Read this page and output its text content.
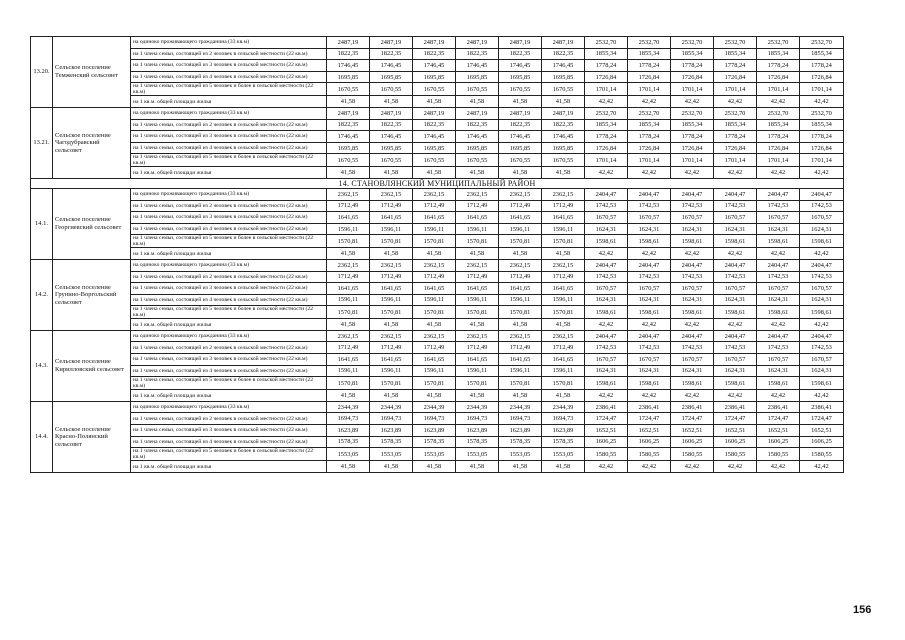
13.20.	Сельское поселение Темженский сельсовет	на одиноко проживающего гражданина (33 кв.м)	2487,19	2487,19	2487,19	2487,19	2487,19	2487,19	2532,70	2532,70	2532,70	2532,70	2532,70	2532,70
		на 1 члена семьи, состоящей из 2 человек в сельской местности (22 кв.м)	1822,35	1822,35	1822,35	1822,35	1822,35	1822,35	1855,34	1855,34	1855,34	1855,34	1855,34	1855,34
		на 1 члена семьи, состоящей из 3 человек в сельской местности (22 кв.м)	1746,45	1746,45	1746,45	1746,45	1746,45	1746,45	1778,24	1778,24	1778,24	1778,24	1778,24	1778,24
		на 1 члена семьи, состоящей из 4 человек в сельской местности (22 кв.м)	1695,85	1695,85	1695,85	1695,85	1695,85	1695,85	1726,84	1726,84	1726,84	1726,84	1726,84	1726,84
		на 1 члена семьи, состоящей из 5 человек и более в сельской местности (22 кв.м)	1670,55	1670,55	1670,55	1670,55	1670,55	1670,55	1701,14	1701,14	1701,14	1701,14	1701,14	1701,14
		на 1 кв.м. общей площади жилья	41,58	41,58	41,58	41,58	41,58	41,58	42,42	42,42	42,42	42,42	42,42	42,42
13.21.	Сельское поселение Чагодубравский сельсовет	на одиноко проживающего гражданина (33 кв.м)	2487,19	2487,19	2487,19	2487,19	2487,19	2487,19	2532,70	2532,70	2532,70	2532,70	2532,70	2532,70
		на 1 члена семьи, состоящей из 2 человек в сельской местности (22 кв.м)	1822,35	1822,35	1822,35	1822,35	1822,35	1822,35	1855,34	1855,34	1855,34	1855,34	1855,34	1855,34
		на 1 члена семьи, состоящей из 3 человек в сельской местности (22 кв.м)	1746,45	1746,45	1746,45	1746,45	1746,45	1746,45	1778,24	1778,24	1778,24	1778,24	1778,24	1778,24
		на 1 члена семьи, состоящей из 4 человек в сельской местности (22 кв.м)	1695,85	1695,85	1695,85	1695,85	1695,85	1695,85	1726,84	1726,84	1726,84	1726,84	1726,84	1726,84
		на 1 члена семьи, состоящей из 5 человек и более в сельской местности (22 кв.м)	1670,55	1670,55	1670,55	1670,55	1670,55	1670,55	1701,14	1701,14	1701,14	1701,14	1701,14	1701,14
		на 1 кв.м. общей площади жилья	41,58	41,58	41,58	41,58	41,58	41,58	42,42	42,42	42,42	42,42	42,42	42,42
14. СТАНОВЛЯНСКИЙ МУНИЦИПАЛЬНЫЙ РАЙОН														
14.1.	Сельское поселение Георгиевский сельсовет	на одиноко проживающего гражданина (33 кв.м)	2362,15	2362,15	2362,15	2362,15	2362,15	2362,15	2404,47	2404,47	2404,47	2404,47	2404,47	2404,47
		на 1 члена семьи, состоящей из 2 человек в сельской местности (22 кв.м)	1712,49	1712,49	1712,49	1712,49	1712,49	1712,49	1742,53	1742,53	1742,53	1742,53	1742,53	1742,53
		на 1 члена семьи, состоящей из 3 человек в сельской местности (22 кв.м)	1641,65	1641,65	1641,65	1641,65	1641,65	1641,65	1670,57	1670,57	1670,57	1670,57	1670,57	1670,57
		на 1 члена семьи, состоящей из 4 человек в сельской местности (22 кв.м)	1596,11	1596,11	1596,11	1596,11	1596,11	1596,11	1624,31	1624,31	1624,31	1624,31	1624,31	1624,31
		на 1 члена семьи, состоящей из 5 человек и более в сельской местности (22 кв.м)	1570,81	1570,81	1570,81	1570,81	1570,81	1570,81	1598,61	1598,61	1598,61	1598,61	1598,61	1598,61
		на 1 кв.м. общей площади жилья	41,58	41,58	41,58	41,58	41,58	41,58	42,42	42,42	42,42	42,42	42,42	42,42
14.2.	Сельское поселение Грунино-Воргольский сельсовет	на одиноко проживающего гражданина (33 кв.м)	2362,15	2362,15	2362,15	2362,15	2362,15	2362,15	2404,47	2404,47	2404,47	2404,47	2404,47	2404,47
		на 1 члена семьи, состоящей из 2 человек в сельской местности (22 кв.м)	1712,49	1712,49	1712,49	1712,49	1712,49	1712,49	1742,53	1742,53	1742,53	1742,53	1742,53	1742,53
		на 1 члена семьи, состоящей из 3 человек в сельской местности (22 кв.м)	1641,65	1641,65	1641,65	1641,65	1641,65	1641,65	1670,57	1670,57	1670,57	1670,57	1670,57	1670,57
		на 1 члена семьи, состоящей из 4 человек в сельской местности (22 кв.м)	1596,11	1596,11	1596,11	1596,11	1596,11	1596,11	1624,31	1624,31	1624,31	1624,31	1624,31	1624,31
		на 1 члена семьи, состоящей из 5 человек и более в сельской местности (22 кв.м)	1570,81	1570,81	1570,81	1570,81	1570,81	1570,81	1598,61	1598,61	1598,61	1598,61	1598,61	1598,61
		на 1 кв.м. общей площади жилья	41,58	41,58	41,58	41,58	41,58	41,58	42,42	42,42	42,42	42,42	42,42	42,42
14.3.	Сельское поселение Кирилловский сельсовет	на одиноко проживающего гражданина (33 кв.м)	2362,15	2362,15	2362,15	2362,15	2362,15	2362,15	2404,47	2404,47	2404,47	2404,47	2404,47	2404,47
		на 1 члена семьи, состоящей из 2 человек в сельской местности (22 кв.м)	1712,49	1712,49	1712,49	1712,49	1712,49	1712,49	1742,53	1742,53	1742,53	1742,53	1742,53	1742,53
		на 1 члена семьи, состоящей из 3 человек в сельской местности (22 кв.м)	1641,65	1641,65	1641,65	1641,65	1641,65	1641,65	1670,57	1670,57	1670,57	1670,57	1670,57	1670,57
		на 1 члена семьи, состоящей из 4 человек в сельской местности (22 кв.м)	1596,11	1596,11	1596,11	1596,11	1596,11	1596,11	1624,31	1624,31	1624,31	1624,31	1624,31	1624,31
		на 1 члена семьи, состоящей из 5 человек и более в сельской местности (22 кв.м)	1570,81	1570,81	1570,81	1570,81	1570,81	1570,81	1598,61	1598,61	1598,61	1598,61	1598,61	1598,61
		на 1 кв.м. общей площади жилья	41,58	41,58	41,58	41,58	41,58	41,58	42,42	42,42	42,42	42,42	42,42	42,42
14.4.	Сельское поселение Красно-Полянский сельсовет	на одиноко проживающего гражданина (33 кв.м)	2344,39	2344,39	2344,39	2344,39	2344,39	2344,39	2386,41	2386,41	2386,41	2386,41	2386,41	2386,41
		на 1 члена семьи, состоящей из 2 человек в сельской местности (22 кв.м)	1694,73	1694,73	1694,73	1694,73	1694,73	1694,73	1724,47	1724,47	1724,47	1724,47	1724,47	1724,47
		на 1 члена семьи, состоящей из 3 человек в сельской местности (22 кв.м)	1623,89	1623,89	1623,89	1623,89	1623,89	1623,89	1652,51	1652,51	1652,51	1652,51	1652,51	1652,51
		на 1 члена семьи, состоящей из 4 человек в сельской местности (22 кв.м)	1578,35	1578,35	1578,35	1578,35	1578,35	1578,35	1606,25	1606,25	1606,25	1606,25	1606,25	1606,25
		на 1 члена семьи, состоящей из 5 человек и более в сельской местности (22 кв.м)	1553,05	1553,05	1553,05	1553,05	1553,05	1553,05	1580,55	1580,55	1580,55	1580,55	1580,55	1580,55
		на 1 кв.м. общей площади жилья	41,58	41,58	41,58	41,58	41,58	41,58	42,42	42,42	42,42	42,42	42,42	42,42
156
